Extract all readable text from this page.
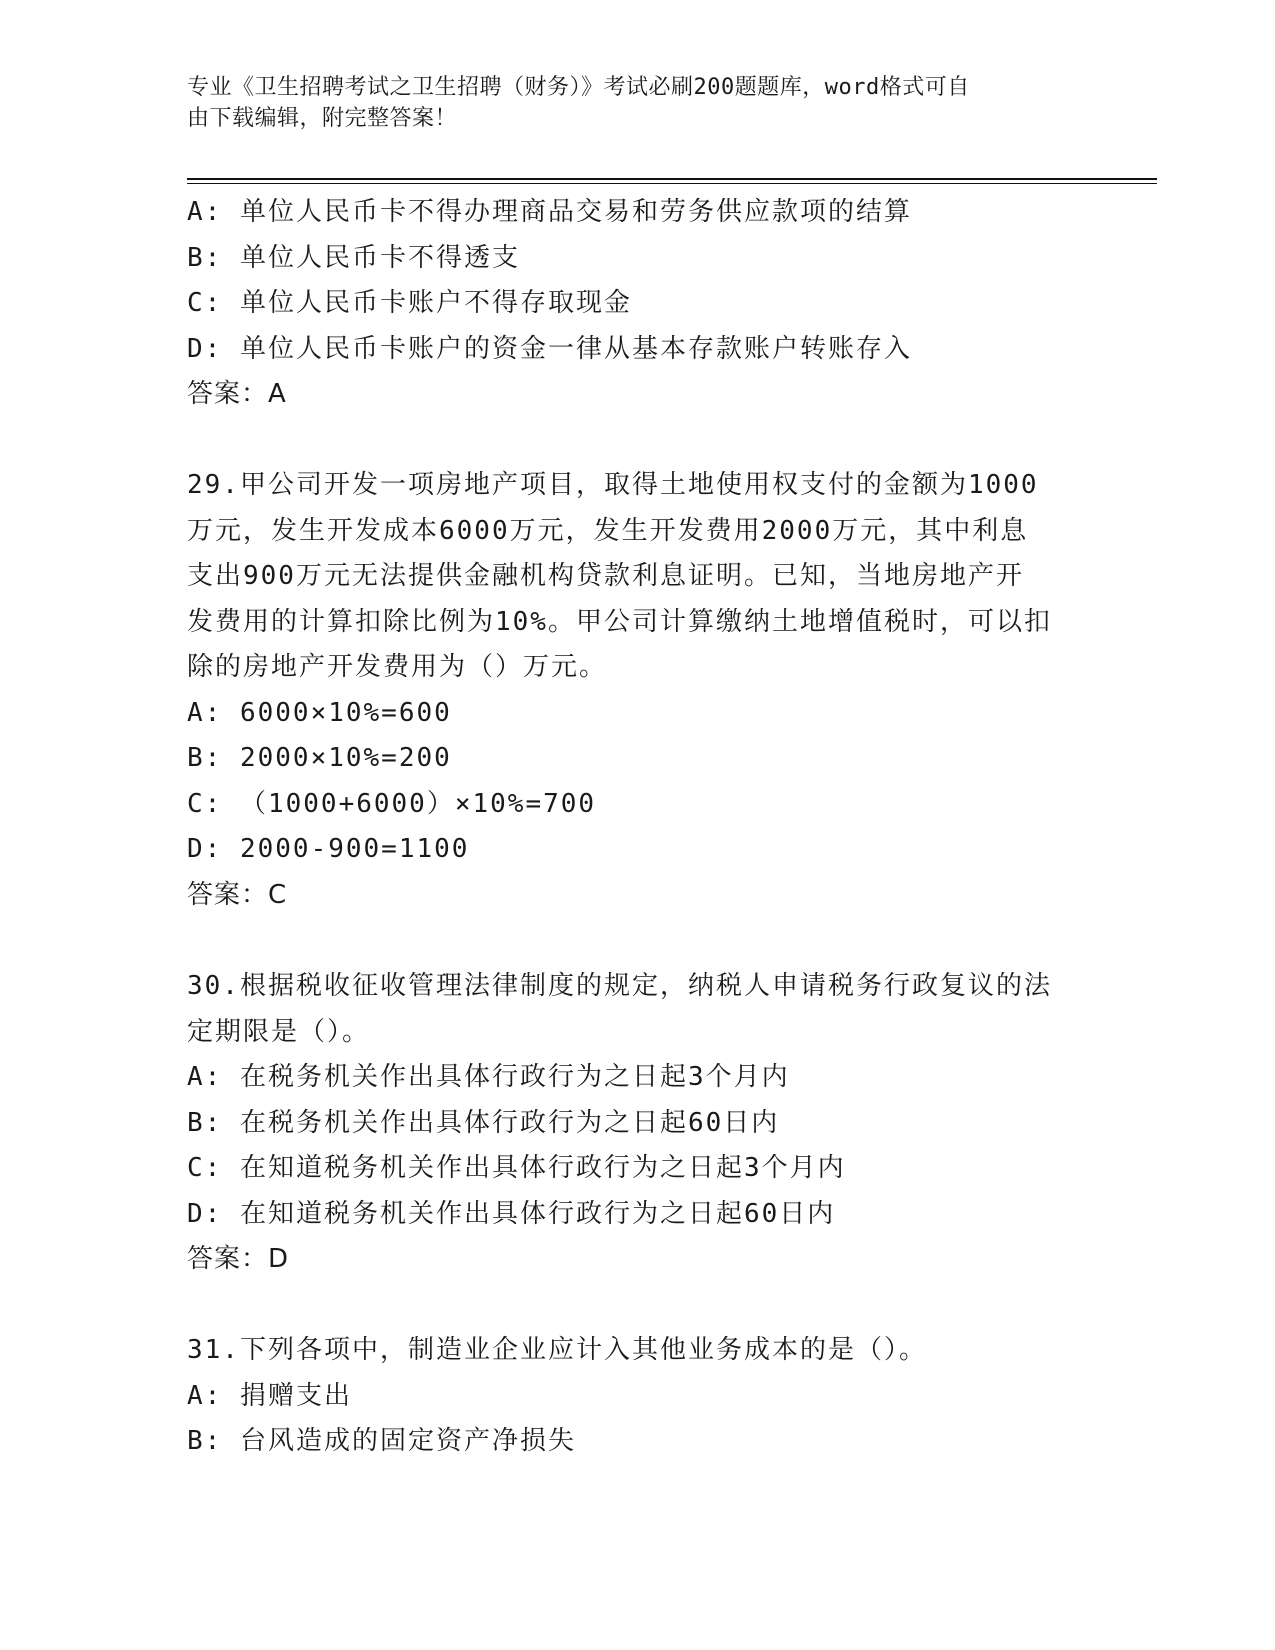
专业《卫生招聘考试之卫生招聘（财务）》考试必刷200题题库，word格式可自
由下载编辑，附完整答案！
A: 单位人民币卡不得办理商品交易和劳务供应款项的结算
B: 单位人民币卡不得透支
C: 单位人民币卡账户不得存取现金
D: 单位人民币卡账户的资金一律从基本存款账户转账存入
答案：A
29.甲公司开发一项房地产项目，取得土地使用权支付的金额为1000
万元，发生开发成本6000万元，发生开发费用2000万元，其中利息
支出900万元无法提供金融机构贷款利息证明。已知，当地房地产开
发费用的计算扣除比例为10%。甲公司计算缴纳土地增值税时，可以扣
除的房地产开发费用为（）万元。
A: 6000×10%=600
B: 2000×10%=200
C: （1000+6000）×10%=700
D: 2000-900=1100
答案：C
30.根据税收征收管理法律制度的规定，纳税人申请税务行政复议的法
定期限是（）。
A: 在税务机关作出具体行政行为之日起3个月内
B: 在税务机关作出具体行政行为之日起60日内
C: 在知道税务机关作出具体行政行为之日起3个月内
D: 在知道税务机关作出具体行政行为之日起60日内
答案：D
31.下列各项中，制造业企业应计入其他业务成本的是（）。
A: 捐赠支出
B: 台风造成的固定资产净损失
